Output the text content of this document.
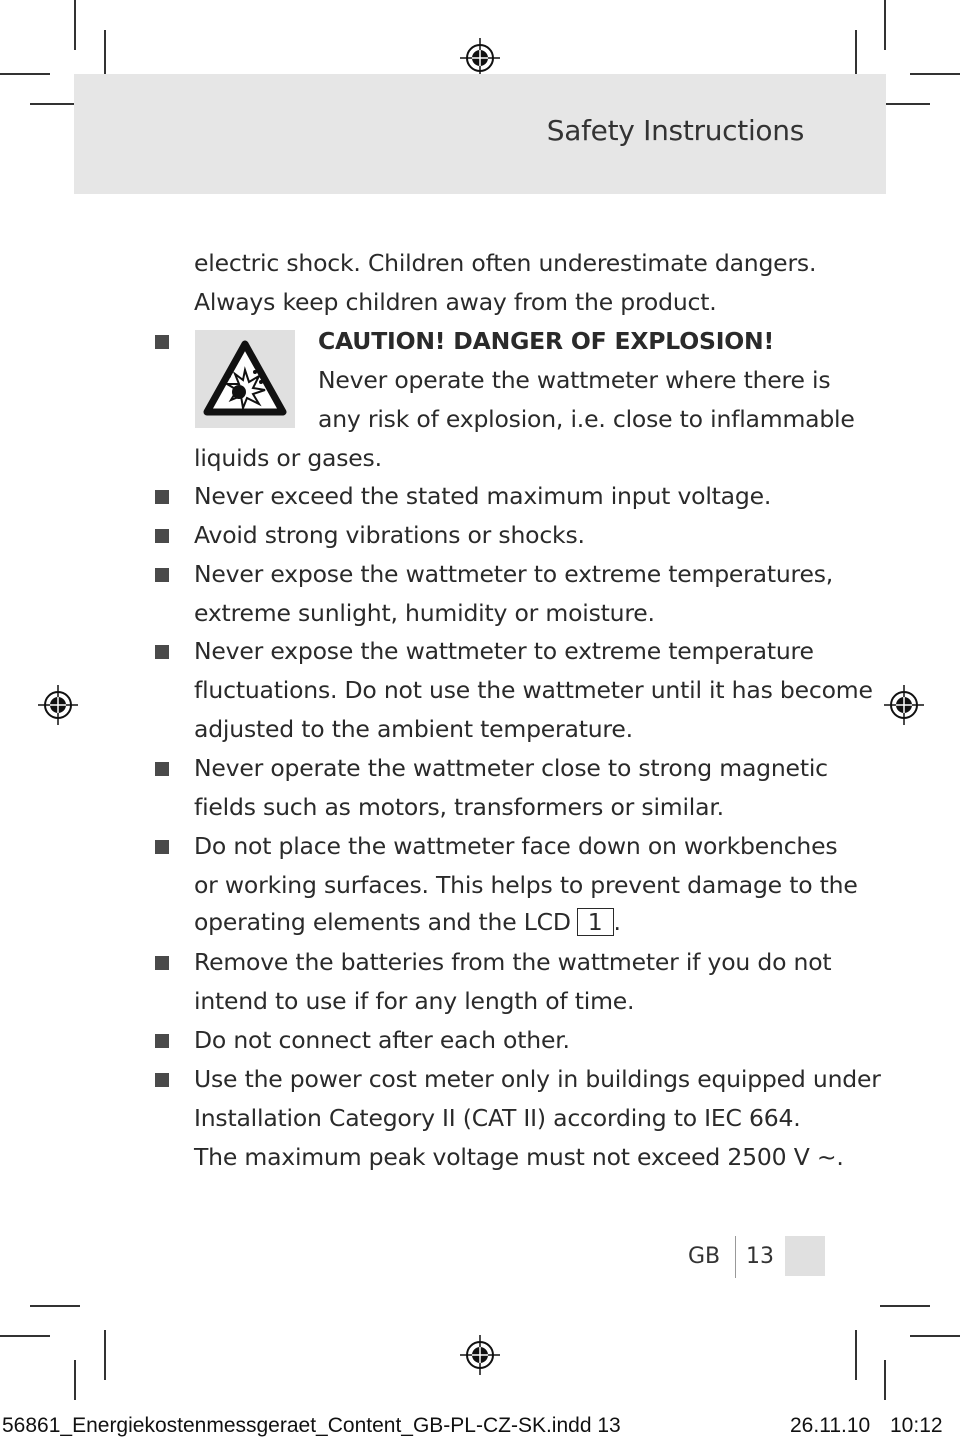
Safety Instructions
electric shock. Children often underestimate dangers.
Always keep children away from the product.
CAUTION! DANGER OF EXPLOSION!
Never operate the wattmeter where there is
any risk of explosion, i.e. close to inflammable
liquids or gases.
Never exceed the stated maximum input voltage.
Avoid strong vibrations or shocks.
Never expose the wattmeter to extreme temperatures,
extreme sunlight, humidity or moisture.
Never expose the wattmeter to extreme temperature
fluctuations. Do not use the wattmeter until it has become
adjusted to the ambient temperature.
Never operate the wattmeter close to strong magnetic
fields such as motors, transformers or similar.
Do not place the wattmeter face down on workbenches
or working surfaces. This helps to prevent damage to the
operating elements and the LCD 1 .
Remove the batteries from the wattmeter if you do not
intend to use if for any length of time.
Do not connect after each other.
Use the power cost meter only in buildings equipped under
Installation Category II (CAT II) according to IEC 664.
The maximum peak voltage must not exceed 2500 V ~.
GB 13
56861_Energiekostenmessgeraet_Content_GB-PL-CZ-SK.indd 13	26.11.10 10:12
